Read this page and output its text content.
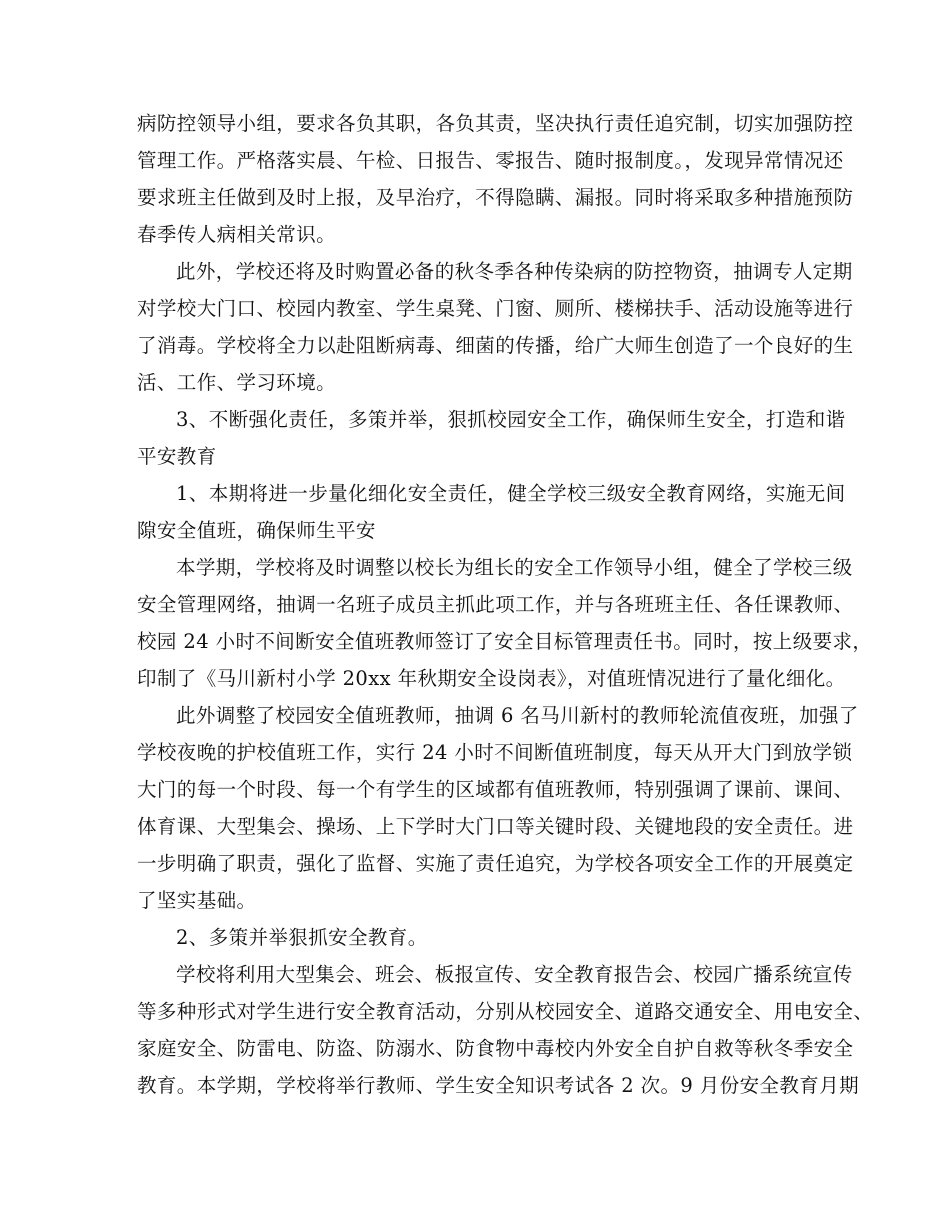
病防控领导小组，要求各负其职，各负其责，坚决执行责任追究制，切实加强防控
管理工作。严格落实晨、午检、日报告、零报告、随时报制度。，发现异常情况还
要求班主任做到及时上报，及早治疗，不得隐瞒、漏报。同时将采取多种措施预防
春季传人病相关常识。
此外，学校还将及时购置必备的秋冬季各种传染病的防控物资，抽调专人定期
对学校大门口、校园内教室、学生桌凳、门窗、厕所、楼梯扶手、活动设施等进行
了消毒。学校将全力以赴阻断病毒、细菌的传播，给广大师生创造了一个良好的生
活、工作、学习环境。
3、不断强化责任，多策并举，狠抓校园安全工作，确保师生安全，打造和谐
平安教育
1、本期将进一步量化细化安全责任，健全学校三级安全教育网络，实施无间
隙安全值班，确保师生平安
本学期，学校将及时调整以校长为组长的安全工作领导小组，健全了学校三级
安全管理网络，抽调一名班子成员主抓此项工作，并与各班班主任、各任课教师、
校园 24 小时不间断安全值班教师签订了安全目标管理责任书。同时，按上级要求，
印制了《马川新村小学 20xx 年秋期安全设岗表》，对值班情况进行了量化细化。
此外调整了校园安全值班教师，抽调 6 名马川新村的教师轮流值夜班，加强了
学校夜晚的护校值班工作，实行 24 小时不间断值班制度，每天从开大门到放学锁
大门的每一个时段、每一个有学生的区域都有值班教师，特别强调了课前、课间、
体育课、大型集会、操场、上下学时大门口等关键时段、关键地段的安全责任。进
一步明确了职责，强化了监督、实施了责任追究，为学校各项安全工作的开展奠定
了坚实基础。
2、多策并举狠抓安全教育。
学校将利用大型集会、班会、板报宣传、安全教育报告会、校园广播系统宣传
等多种形式对学生进行安全教育活动，分别从校园安全、道路交通安全、用电安全、
家庭安全、防雷电、防盗、防溺水、防食物中毒校内外安全自护自救等秋冬季安全
教育。本学期，学校将举行教师、学生安全知识考试各 2 次。9 月份安全教育月期
